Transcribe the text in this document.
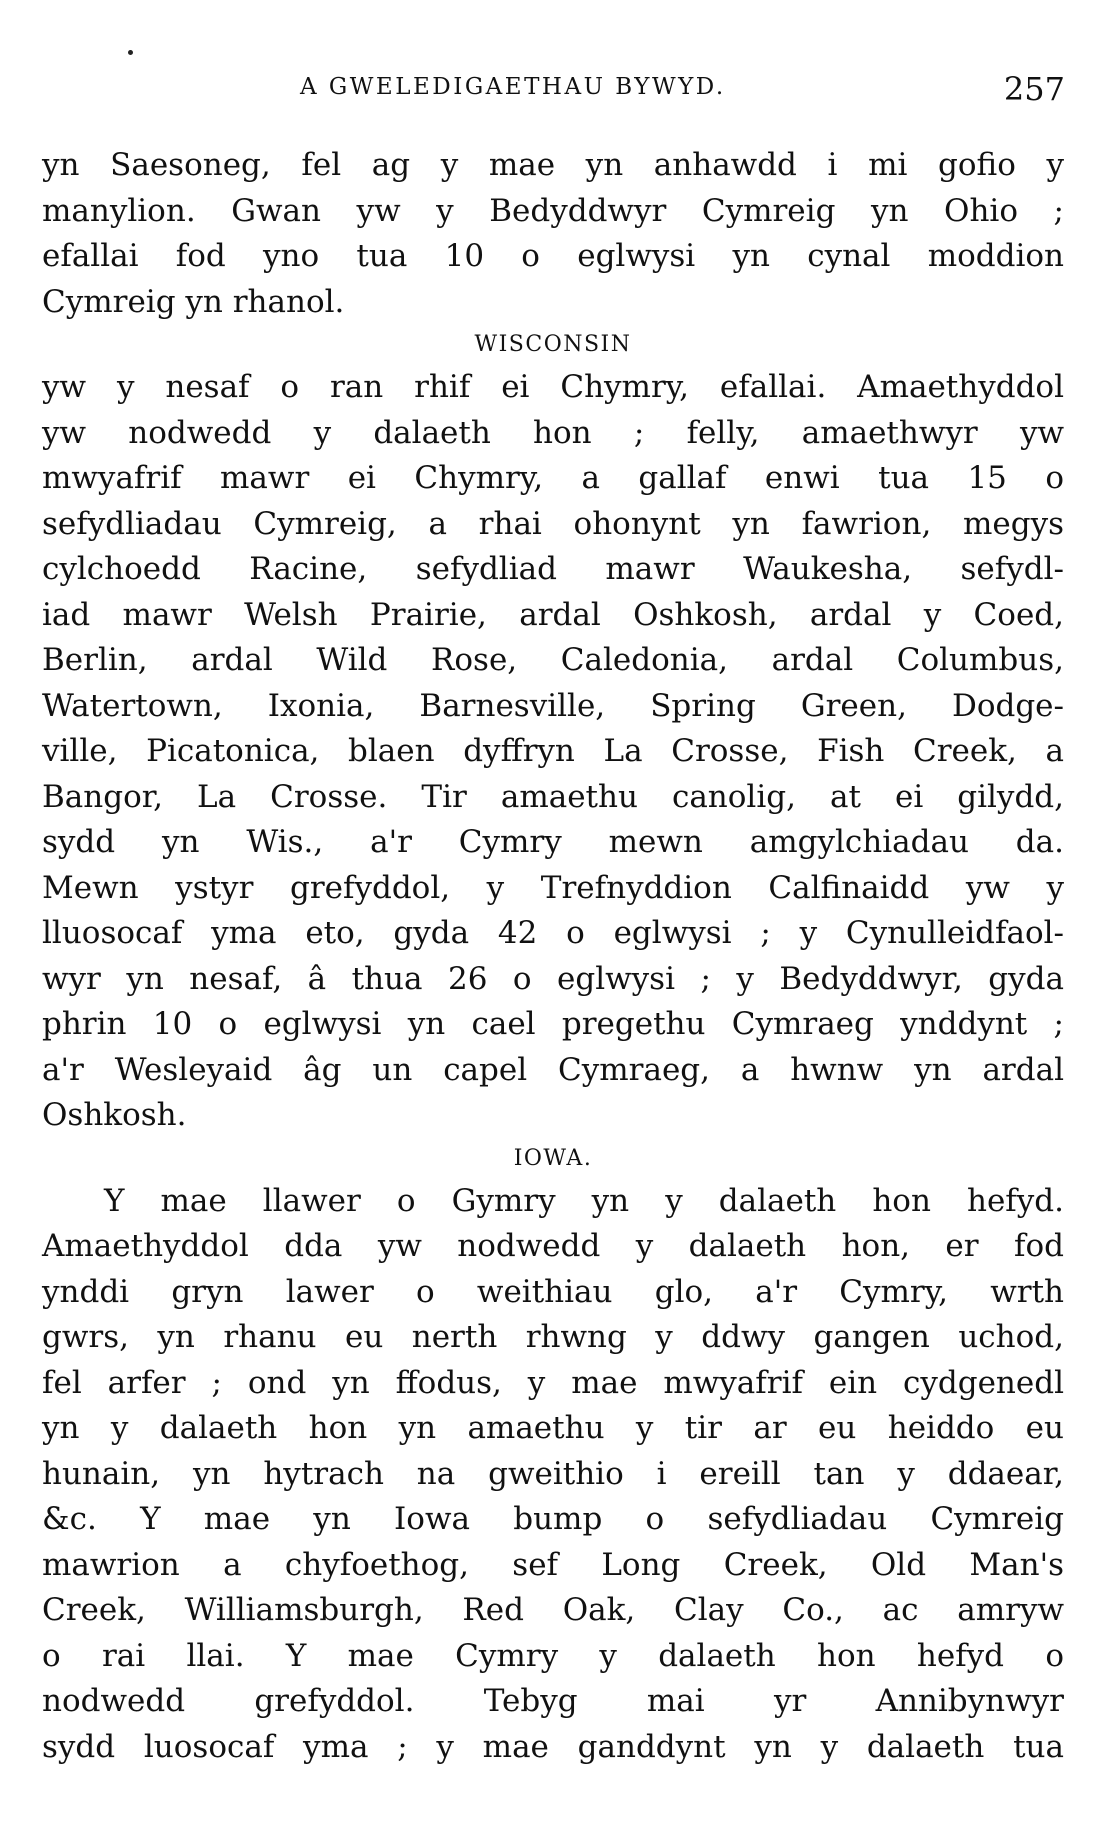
A GWELEDIGAETHAU BYWYD.	257
yn Saesoneg, fel ag y mae yn anhawdd i mi gofio y
manylion. Gwan yw y Bedyddwyr Cymreig yn Ohio ;
efallai fod yno tua 10 o eglwysi yn cynal moddion
Cymreig yn rhanol.
WISCONSIN
yw y nesaf o ran rhif ei Chymry, efallai. Amaethyddol
yw nodwedd y dalaeth hon ; felly, amaethwyr yw
mwyafrif mawr ei Chymry, a gallaf enwi tua 15 o
sefydliadau Cymreig, a rhai ohonynt yn fawrion, megys
cylchoedd Racine, sefydliad mawr Waukesha, sefydl-
iad mawr Welsh Prairie, ardal Oshkosh, ardal y Coed,
Berlin, ardal Wild Rose, Caledonia, ardal Columbus,
Watertown, Ixonia, Barnesville, Spring Green, Dodge-
ville, Picatonica, blaen dyffryn La Crosse, Fish Creek, a
Bangor, La Crosse. Tir amaethu canolig, at ei gilydd,
sydd yn Wis., a'r Cymry mewn amgylchiadau da.
Mewn ystyr grefyddol, y Trefnyddion Calfinaidd yw y
lluosocaf yma eto, gyda 42 o eglwysi ; y Cynulleidfaol-
wyr yn nesaf, â thua 26 o eglwysi ; y Bedyddwyr, gyda
phrin 10 o eglwysi yn cael pregethu Cymraeg ynddynt ;
a'r Wesleyaid âg un capel Cymraeg, a hwnw yn ardal
Oshkosh.
IOWA.
Y mae llawer o Gymry yn y dalaeth hon hefyd.
Amaethyddol dda yw nodwedd y dalaeth hon, er fod
ynddi gryn lawer o weithiau glo, a'r Cymry, wrth
gwrs, yn rhanu eu nerth rhwng y ddwy gangen uchod,
fel arfer ; ond yn ffodus, y mae mwyafrif ein cydgenedl
yn y dalaeth hon yn amaethu y tir ar eu heiddo eu
hunain, yn hytrach na gweithio i ereill tan y ddaear,
&c. Y mae yn Iowa bump o sefydliadau Cymreig
mawrion a chyfoethog, sef Long Creek, Old Man's
Creek, Williamsburgh, Red Oak, Clay Co., ac amryw
o rai llai. Y mae Cymry y dalaeth hon hefyd o
nodwedd grefyddol. Tebyg mai yr Annibynwyr
sydd luosocaf yma ; y mae ganddynt yn y dalaeth tua
